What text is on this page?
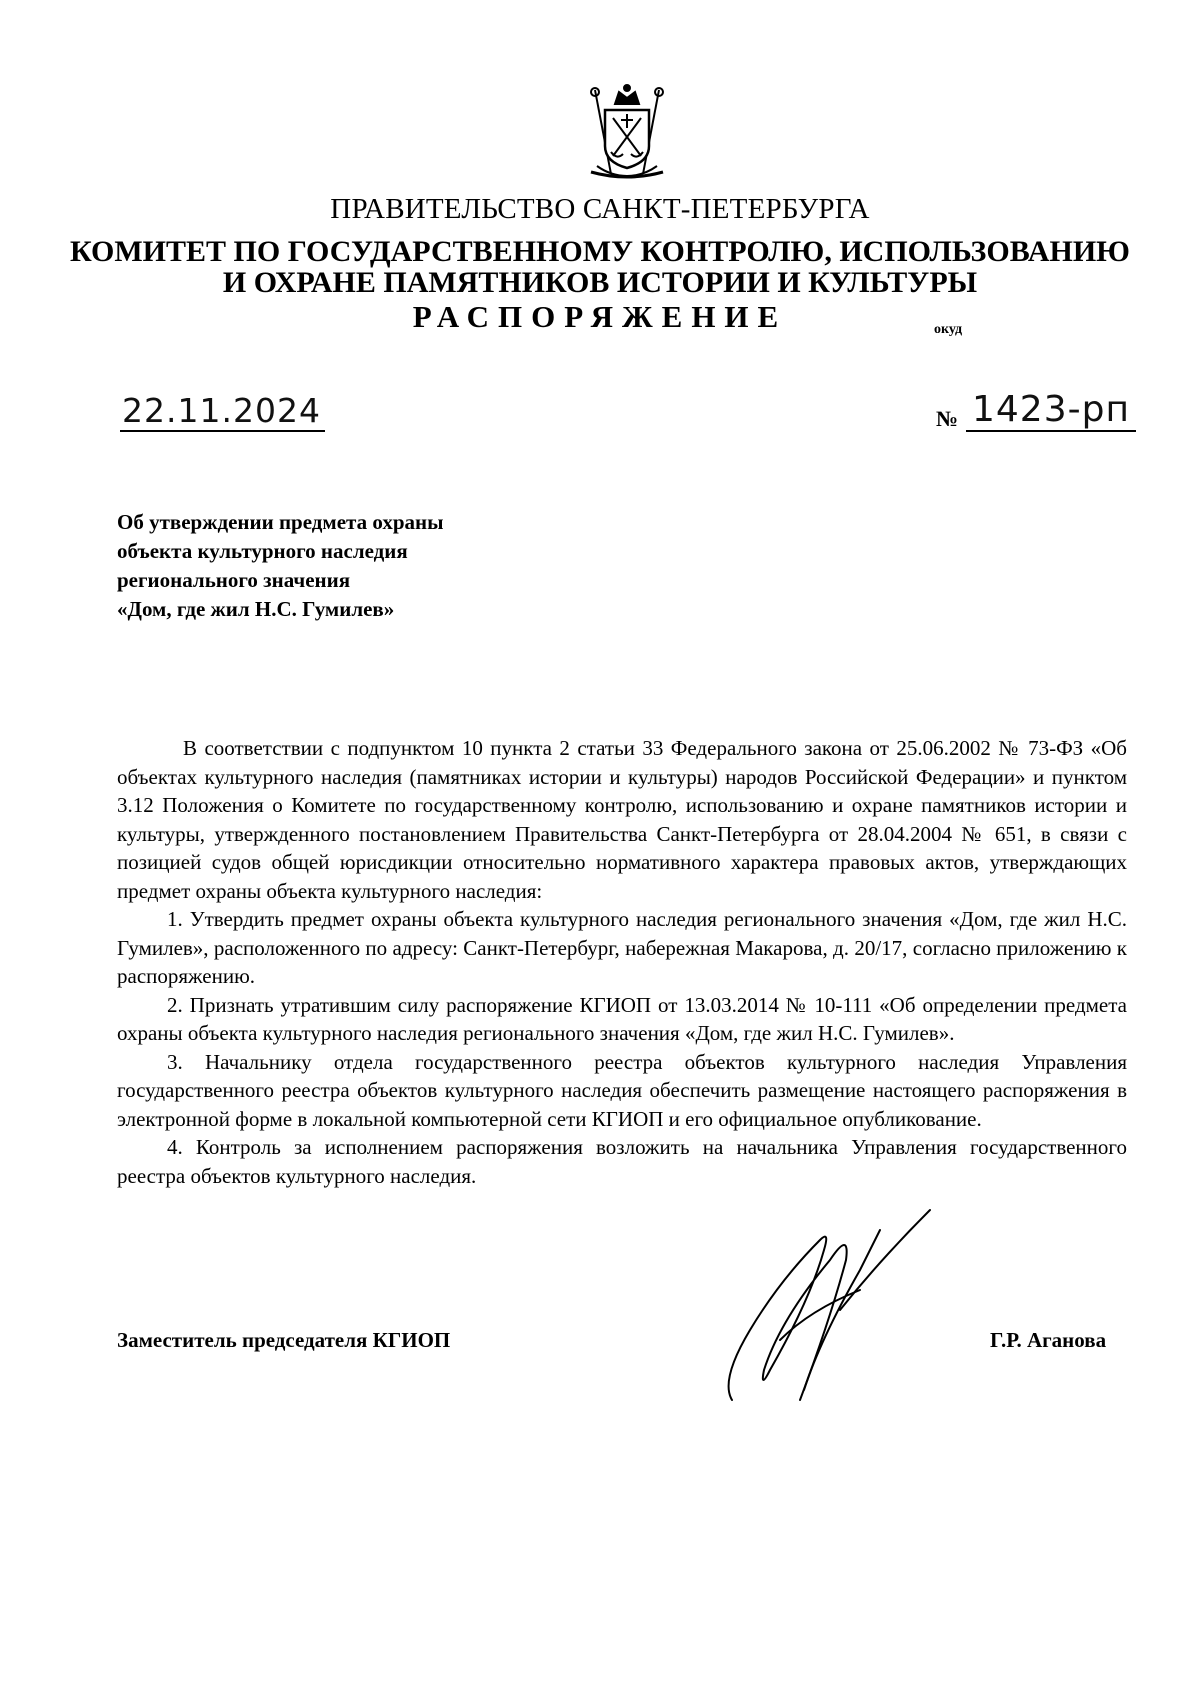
ПРАВИТЕЛЬСТВО САНКТ-ПЕТЕРБУРГА
КОМИТЕТ ПО ГОСУДАРСТВЕННОМУ КОНТРОЛЮ, ИСПОЛЬЗОВАНИЮ
И ОХРАНЕ ПАМЯТНИКОВ ИСТОРИИ И КУЛЬТУРЫ
РАСПОРЯЖЕНИЕ	окуд
22.11.2024	№ 1423-рп
Об утверждении предмета охраны
объекта культурного наследия
регионального значения
«Дом, где жил Н.С. Гумилев»

В соответствии с подпунктом 10 пункта 2 статьи 33 Федерального закона от 25.06.2002 № 73-ФЗ «Об объектах культурного наследия (памятниках истории и культуры) народов Российской Федерации» и пунктом 3.12 Положения о Комитете по государственному контролю, использованию и охране памятников истории и культуры, утвержденного постановлением Правительства Санкт-Петербурга от 28.04.2004 № 651, в связи с позицией судов общей юрисдикции относительно нормативного характера правовых актов, утверждающих предмет охраны объекта культурного наследия:

1. Утвердить предмет охраны объекта культурного наследия регионального значения «Дом, где жил Н.С. Гумилев», расположенного по адресу: Санкт-Петербург, набережная Макарова, д. 20/17, согласно приложению к распоряжению.

2. Признать утратившим силу распоряжение КГИОП от 13.03.2014 № 10-111 «Об определении предмета охраны объекта культурного наследия регионального значения «Дом, где жил Н.С. Гумилев».

3. Начальнику отдела государственного реестра объектов культурного наследия Управления государственного реестра объектов культурного наследия обеспечить размещение настоящего распоряжения в электронной форме в локальной компьютерной сети КГИОП и его официальное опубликование.

4. Контроль за исполнением распоряжения возложить на начальника Управления государственного реестра объектов культурного наследия.

Заместитель председателя КГИОП	Г.Р. Аганова
